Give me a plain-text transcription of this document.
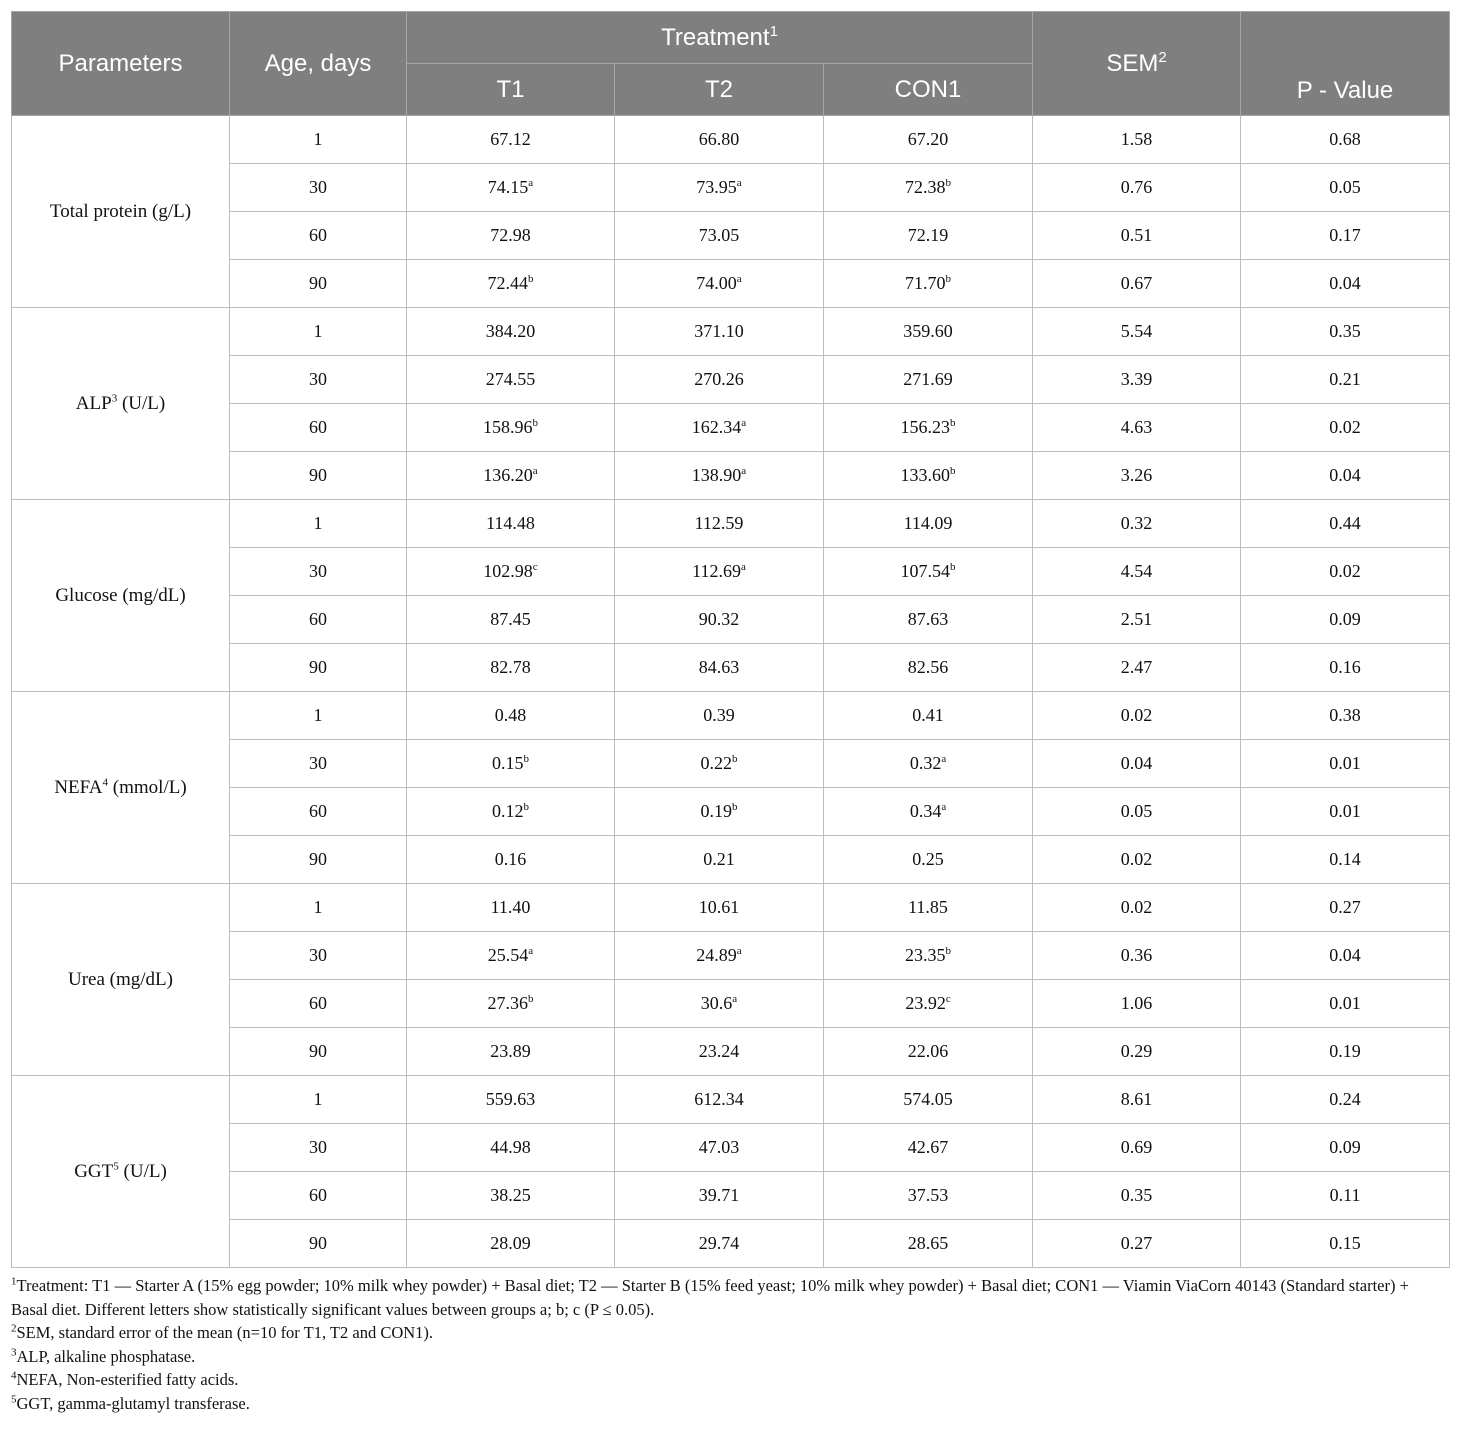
Parameters	Age, days	Treatment$^1$			SEM$^2$	P - Value
		T1	T2	CON1		
Total protein (g/L)	1	67.12	66.80	67.20	1.58	0.68
	30	74.15$^a$	73.95$^a$	72.38$^b$	0.76	0.05
	60	72.98	73.05	72.19	0.51	0.17
	90	72.44$^b$	74.00$^a$	71.70$^b$	0.67	0.04
ALP$^3$ (U/L)	1	384.20	371.10	359.60	5.54	0.35
	30	274.55	270.26	271.69	3.39	0.21
	60	158.96$^b$	162.34$^a$	156.23$^b$	4.63	0.02
	90	136.20$^a$	138.90$^a$	133.60$^b$	3.26	0.04
Glucose (mg/dL)	1	114.48	112.59	114.09	0.32	0.44
	30	102.98$^c$	112.69$^a$	107.54$^b$	4.54	0.02
	60	87.45	90.32	87.63	2.51	0.09
	90	82.78	84.63	82.56	2.47	0.16
NEFA$^4$ (mmol/L)	1	0.48	0.39	0.41	0.02	0.38
	30	0.15$^b$	0.22$^b$	0.32$^a$	0.04	0.01
	60	0.12$^b$	0.19$^b$	0.34$^a$	0.05	0.01
	90	0.16	0.21	0.25	0.02	0.14
Urea (mg/dL)	1	11.40	10.61	11.85	0.02	0.27
	30	25.54$^a$	24.89$^a$	23.35$^b$	0.36	0.04
	60	27.36$^b$	30.6$^a$	23.92$^c$	1.06	0.01
	90	23.89	23.24	22.06	0.29	0.19
GGT$^5$ (U/L)	1	559.63	612.34	574.05	8.61	0.24
	30	44.98	47.03	42.67	0.69	0.09
	60	38.25	39.71	37.53	0.35	0.11
	90	28.09	29.74	28.65	0.27	0.15

$^1$Treatment: T1 — Starter A (15% egg powder; 10% milk whey powder) + Basal diet; T2 — Starter B (15% feed yeast; 10% milk whey powder) + Basal diet; CON1 — Viamin ViaCorn 40143 (Standard starter) + Basal diet. Different letters show statistically significant values between groups a; b; c (P ≤ 0.05).

$^2$SEM, standard error of the mean (n=10 for T1, T2 and CON1).

$^3$ALP, alkaline phosphatase.

$^4$NEFA, Non-esterified fatty acids.

$^5$GGT, gamma-glutamyl transferase.
